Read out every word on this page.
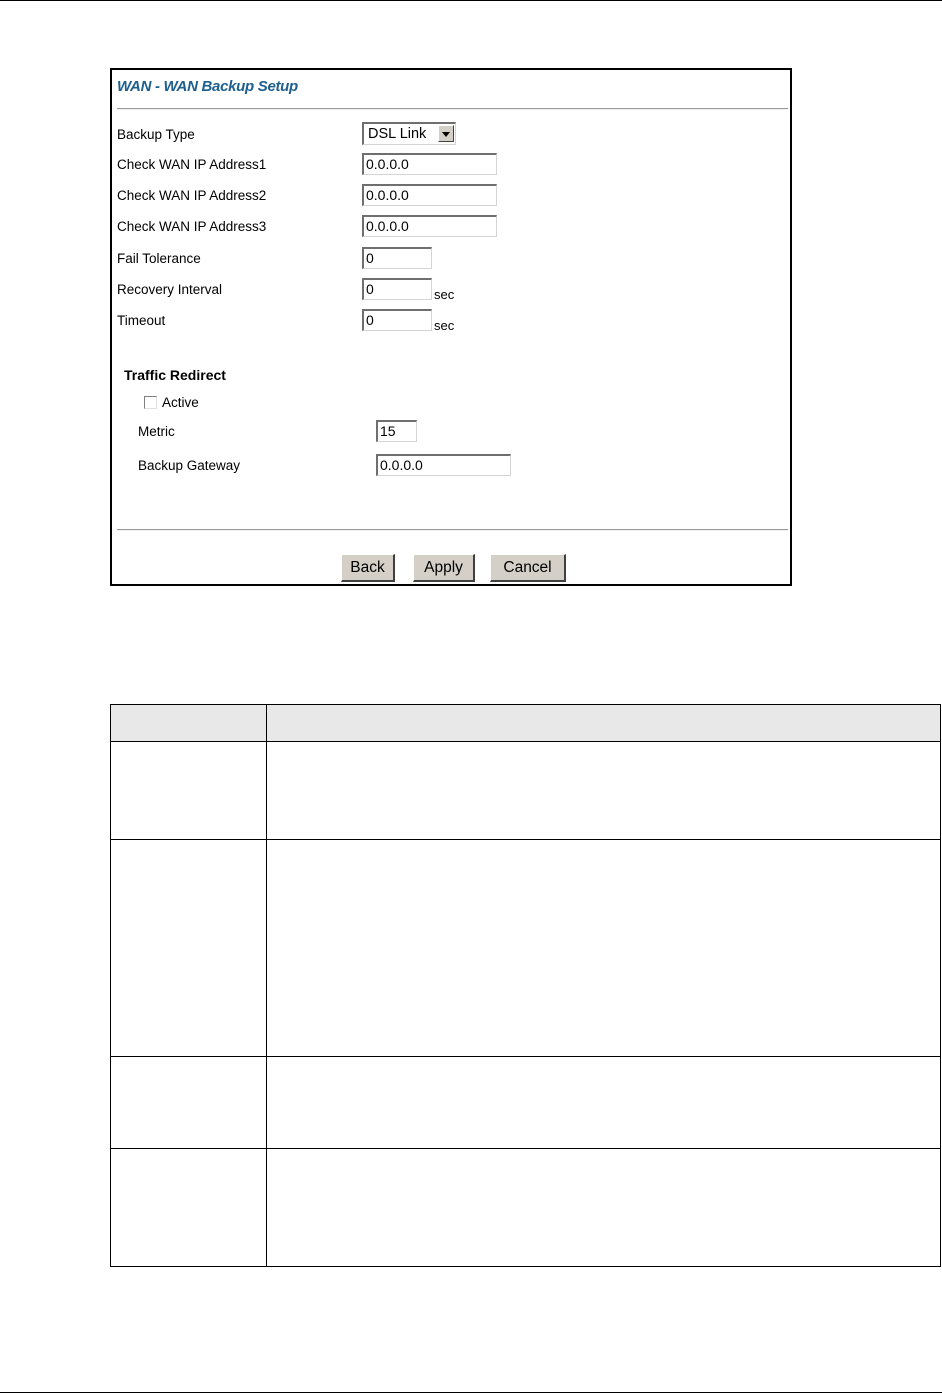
WAN - WAN Backup Setup
Backup Type	DSL Link
Check WAN IP Address1	0.0.0.0
Check WAN IP Address2	0.0.0.0
Check WAN IP Address3	0.0.0.0
Fail Tolerance	0
Recovery Interval	0	sec
Timeout	0	sec
Traffic Redirect
Active
Metric	15
Backup Gateway	0.0.0.0
Back	Apply	Cancel
